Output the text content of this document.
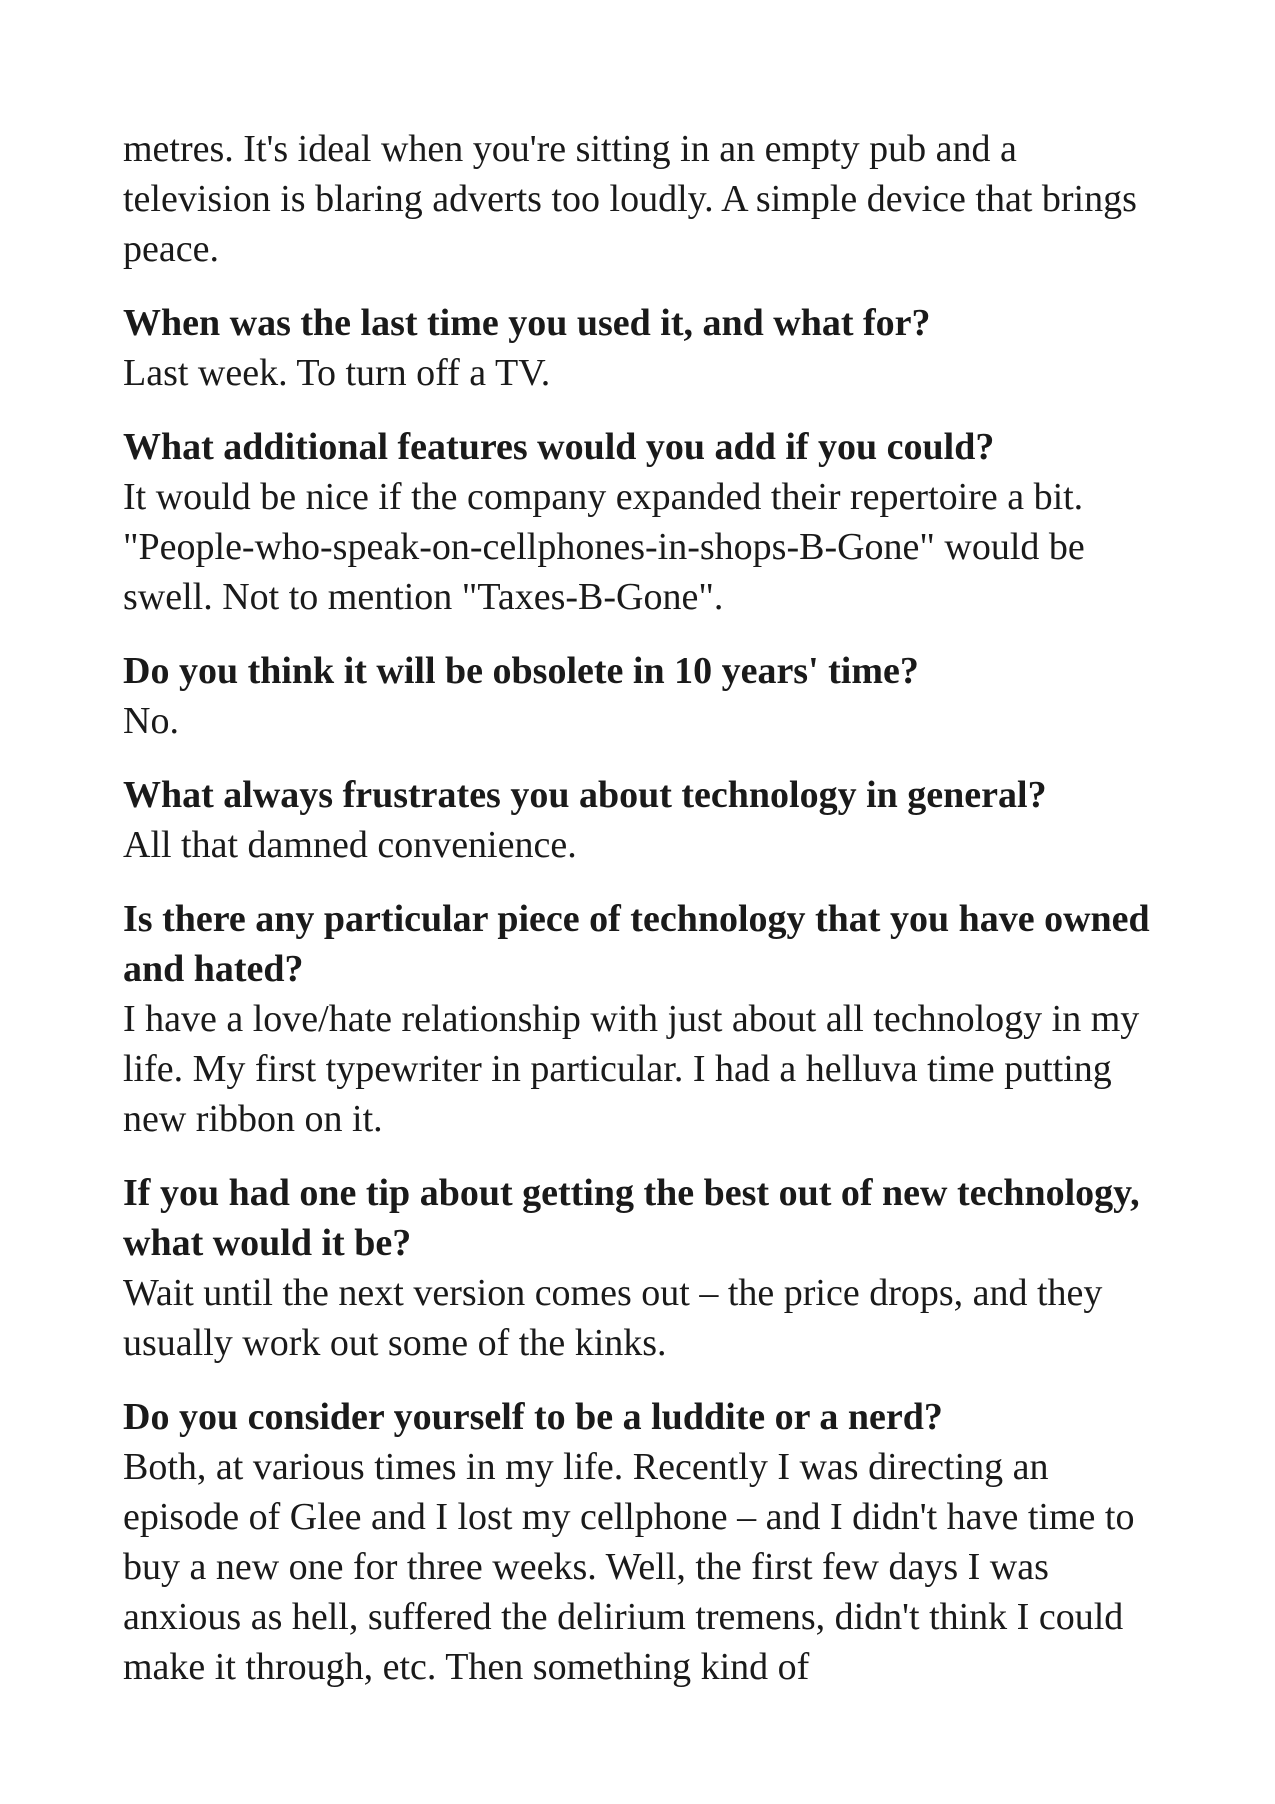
metres. It's ideal when you're sitting in an empty pub and a television is blaring adverts too loudly. A simple device that brings peace.

When was the last time you used it, and what for?

Last week. To turn off a TV.

What additional features would you add if you could?

It would be nice if the company expanded their repertoire a bit. "People-who-speak-on-cellphones-in-shops-B-Gone" would be swell. Not to mention "Taxes-B-Gone".

Do you think it will be obsolete in 10 years' time?

No.

What always frustrates you about technology in general?

All that damned convenience.

Is there any particular piece of technology that you have owned and hated?

I have a love/hate relationship with just about all technology in my life. My first typewriter in particular. I had a helluva time putting new ribbon on it.

If you had one tip about getting the best out of new technology, what would it be?

Wait until the next version comes out – the price drops, and they usually work out some of the kinks.

Do you consider yourself to be a luddite or a nerd?

Both, at various times in my life. Recently I was directing an episode of Glee and I lost my cellphone – and I didn't have time to buy a new one for three weeks. Well, the first few days I was anxious as hell, suffered the delirium tremens, didn't think I could make it through, etc. Then something kind of
